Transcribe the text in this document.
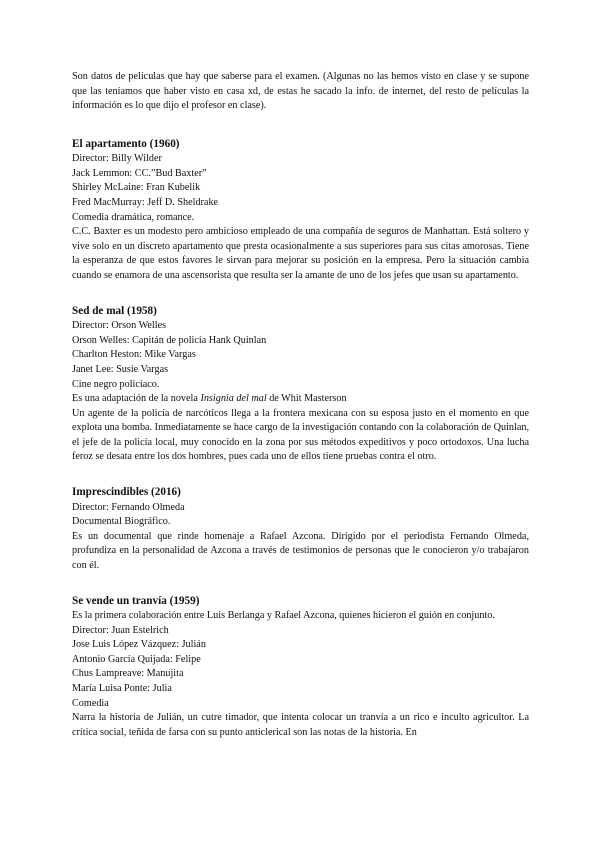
Son datos de películas que hay que saberse para el examen. (Algunas no las hemos visto en clase y se supone que las teníamos que haber visto en casa xd, de estas he sacado la info. de internet, del resto de películas la información es lo que dijo el profesor en clase).

El apartamento (1960)
Director: Billy Wilder
Jack Lemmon: CC.”Bud Baxter”
Shirley McLaine: Fran Kubelik
Fred MacMurray: Jeff D. Sheldrake
Comedia dramática, romance.

C.C. Baxter es un modesto pero ambicioso empleado de una compañía de seguros de Manhattan. Está soltero y vive solo en un discreto apartamento que presta ocasionalmente a sus superiores para sus citas amorosas. Tiene la esperanza de que estos favores le sirvan para mejorar su posición en la empresa. Pero la situación cambia cuando se enamora de una ascensorista que resulta ser la amante de uno de los jefes que usan su apartamento.

Sed de mal (1958)
Director: Orson Welles
Orson Welles: Capitán de policía Hank Quinlan
Charlton Heston: Mike Vargas
Janet Lee: Susie Vargas
Cine negro policíaco.
Es una adaptación de la novela Insignia del mal de Whit Masterson

Un agente de la policía de narcóticos llega a la frontera mexicana con su esposa justo en el momento en que explota una bomba. Inmediatamente se hace cargo de la investigación contando con la colaboración de Quinlan, el jefe de la policía local, muy conocido en la zona por sus métodos expeditivos y poco ortodoxos. Una lucha feroz se desata entre los dos hombres, pues cada uno de ellos tiene pruebas contra el otro.

Imprescindibles (2016)
Director: Fernando Olmeda
Documental Biográfico.

Es un documental que rinde homenaje a Rafael Azcona. Dirigido por el periodista Fernando Olmeda, profundiza en la personalidad de Azcona a través de testimonios de personas que le conocieron y/o trabajaron con él.

Se vende un tranvía (1959)

Es la primera colaboración entre Luis Berlanga y Rafael Azcona, quienes hicieron el guión en conjunto.

Director: Juan Estelrich
Jose Luis López Vázquez: Julián
Antonio García Quijada: Felipe
Chus Lampreave: Manujita
María Luisa Ponte: Julia
Comedia

Narra la historia de Julián, un cutre timador, que intenta colocar un tranvía a un rico e inculto agricultor. La crítica social, teñida de farsa con su punto anticlerical son las notas de la historia. En
